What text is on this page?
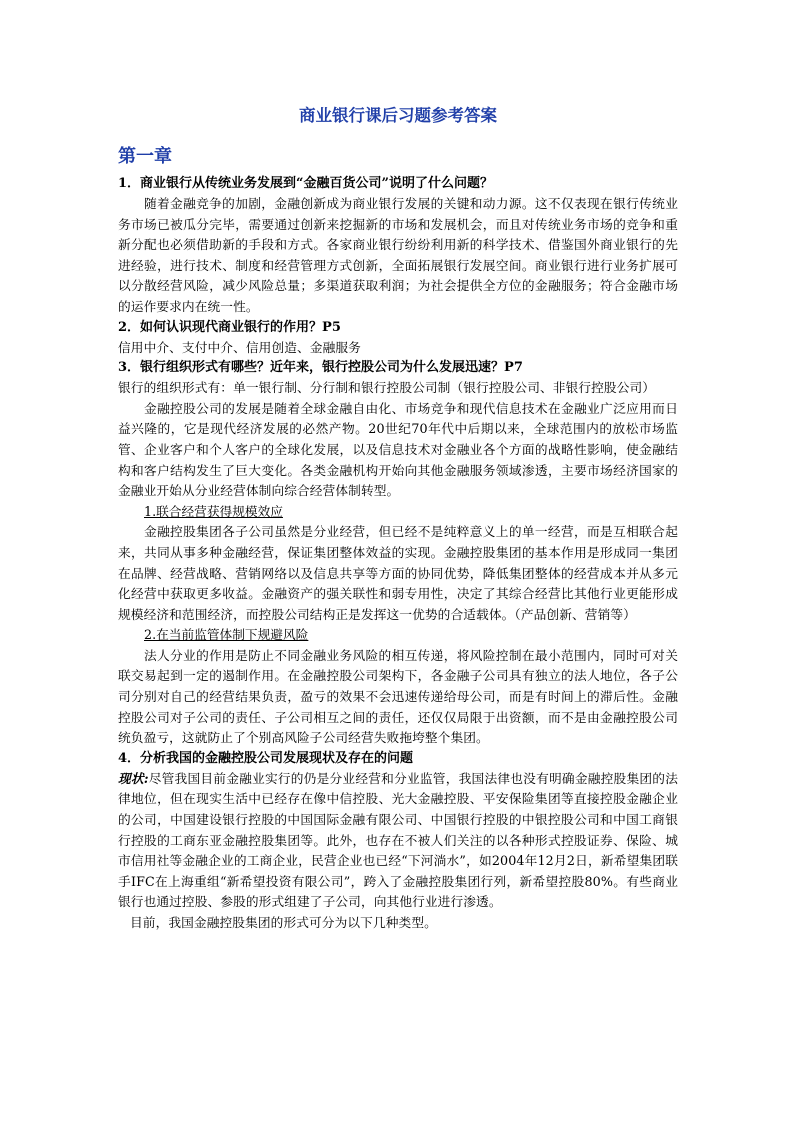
商业银行课后习题参考答案
第一章
1．商业银行从传统业务发展到“金融百货公司”说明了什么问题？

随着金融竞争的加剧，金融创新成为商业银行发展的关键和动力源。这不仅表现在银行传统业务市场已被瓜分完毕，需要通过创新来挖掘新的市场和发展机会，而且对传统业务市场的竞争和重新分配也必须借助新的手段和方式。各家商业银行纷纷利用新的科学技术、借鉴国外商业银行的先进经验，进行技术、制度和经营管理方式创新，全面拓展银行发展空间。商业银行进行业务扩展可以分散经营风险，减少风险总量；多渠道获取利润；为社会提供全方位的金融服务；符合金融市场的运作要求内在统一性。

2．如何认识现代商业银行的作用？P5

信用中介、支付中介、信用创造、金融服务

3．银行组织形式有哪些？近年来，银行控股公司为什么发展迅速？P7

银行的组织形式有：单一银行制、分行制和银行控股公司制（银行控股公司、非银行控股公司）

金融控股公司的发展是随着全球金融自由化、市场竞争和现代信息技术在金融业广泛应用而日益兴隆的，它是现代经济发展的必然产物。20世纪70年代中后期以来，全球范围内的放松市场监管、企业客户和个人客户的全球化发展，以及信息技术对金融业各个方面的战略性影响，使金融结构和客户结构发生了巨大变化。各类金融机构开始向其他金融服务领域渗透，主要市场经济国家的金融业开始从分业经营体制向综合经营体制转型。

1.联合经营获得规模效应

金融控股集团各子公司虽然是分业经营，但已经不是纯粹意义上的单一经营，而是互相联合起来，共同从事多种金融经营，保证集团整体效益的实现。金融控股集团的基本作用是形成同一集团在品牌、经营战略、营销网络以及信息共享等方面的协同优势，降低集团整体的经营成本并从多元化经营中获取更多收益。金融资产的强关联性和弱专用性，决定了其综合经营比其他行业更能形成规模经济和范围经济，而控股公司结构正是发挥这一优势的合适载体。（产品创新、营销等）

2.在当前监管体制下规避风险

法人分业的作用是防止不同金融业务风险的相互传递，将风险控制在最小范围内，同时可对关联交易起到一定的遏制作用。在金融控股公司架构下，各金融子公司具有独立的法人地位，各子公司分别对自己的经营结果负责，盈亏的效果不会迅速传递给母公司，而是有时间上的滞后性。金融控股公司对子公司的责任、子公司相互之间的责任，还仅仅局限于出资额，而不是由金融控股公司统负盈亏，这就防止了个别高风险子公司经营失败拖垮整个集团。

4．分析我国的金融控股公司发展现状及存在的问题

现状:尽管我国目前金融业实行的仍是分业经营和分业监管，我国法律也没有明确金融控股集团的法律地位，但在现实生活中已经存在像中信控股、光大金融控股、平安保险集团等直接控股金融企业的公司，中国建设银行控股的中国国际金融有限公司、中国银行控股的中银控股公司和中国工商银行控股的工商东亚金融控股集团等。此外，也存在不被人们关注的以各种形式控股证券、保险、城市信用社等金融企业的工商企业，民营企业也已经“下河淌水”，如2004年12月2日，新希望集团联手IFC在上海重组“新希望投资有限公司”，跨入了金融控股集团行列，新希望控股80%。有些商业银行也通过控股、参股的形式组建了子公司，向其他行业进行渗透。

目前，我国金融控股集团的形式可分为以下几种类型。
